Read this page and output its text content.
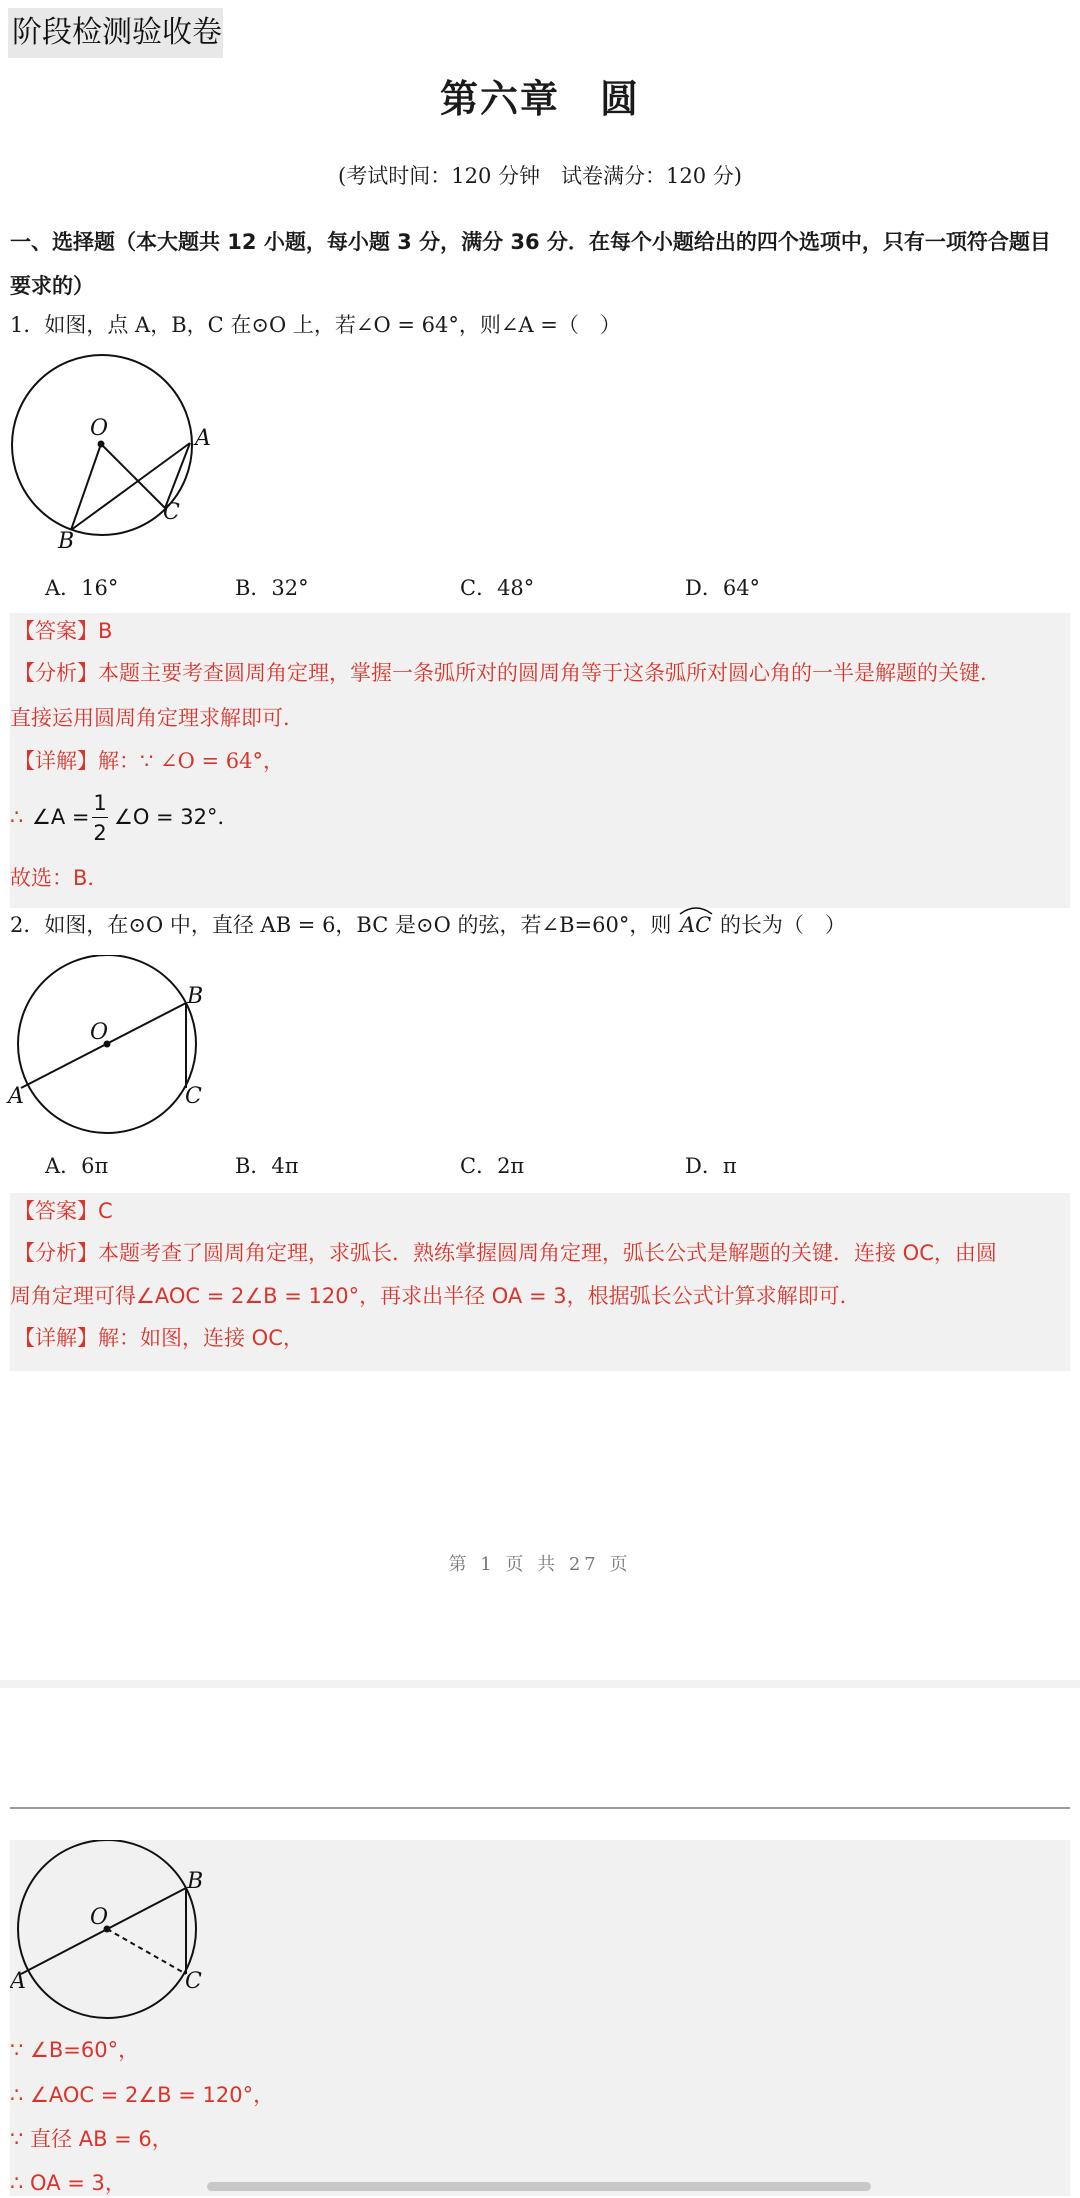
阶段检测验收卷
第六章　圆
(考试时间：120 分钟　试卷满分：120 分)
一、选择题（本大题共 12 小题，每小题 3 分，满分 36 分．在每个小题给出的四个选项中，只有一项符合题目要求的）
1．如图，点 A，B，C 在⊙O 上，若∠O = 64°，则∠A =（　）
O	A
B
C
A．16°	B．32°	C．48°	D．64°
【答案】B
【分析】本题主要考查圆周角定理，掌握一条弧所对的圆周角等于这条弧所对圆心角的一半是解题的关键．
直接运用圆周角定理求解即可．
【详解】解：∵ ∠O = 64°，
∴ ∠A =
1
2
∠O = 32°．
故选：B．
2．如图，在⊙O 中，直径 AB = 6，BC 是⊙O 的弦，若∠B=60°，则 AC 的长为（　）
O
A
B
C
A．6π	B．4π	C．2π	D．π
【答案】C
【分析】本题考查了圆周角定理，求弧长．熟练掌握圆周角定理，弧长公式是解题的关键．连接 OC，由圆
周角定理可得∠AOC = 2∠B = 120°，再求出半径 OA = 3，根据弧长公式计算求解即可．
【详解】解：如图，连接 OC，
第 1 页 共 27 页
O
A
B
C
∵ ∠B=60°，
∴ ∠AOC = 2∠B = 120°，
∵ 直径 AB = 6，
∴ OA = 3，
